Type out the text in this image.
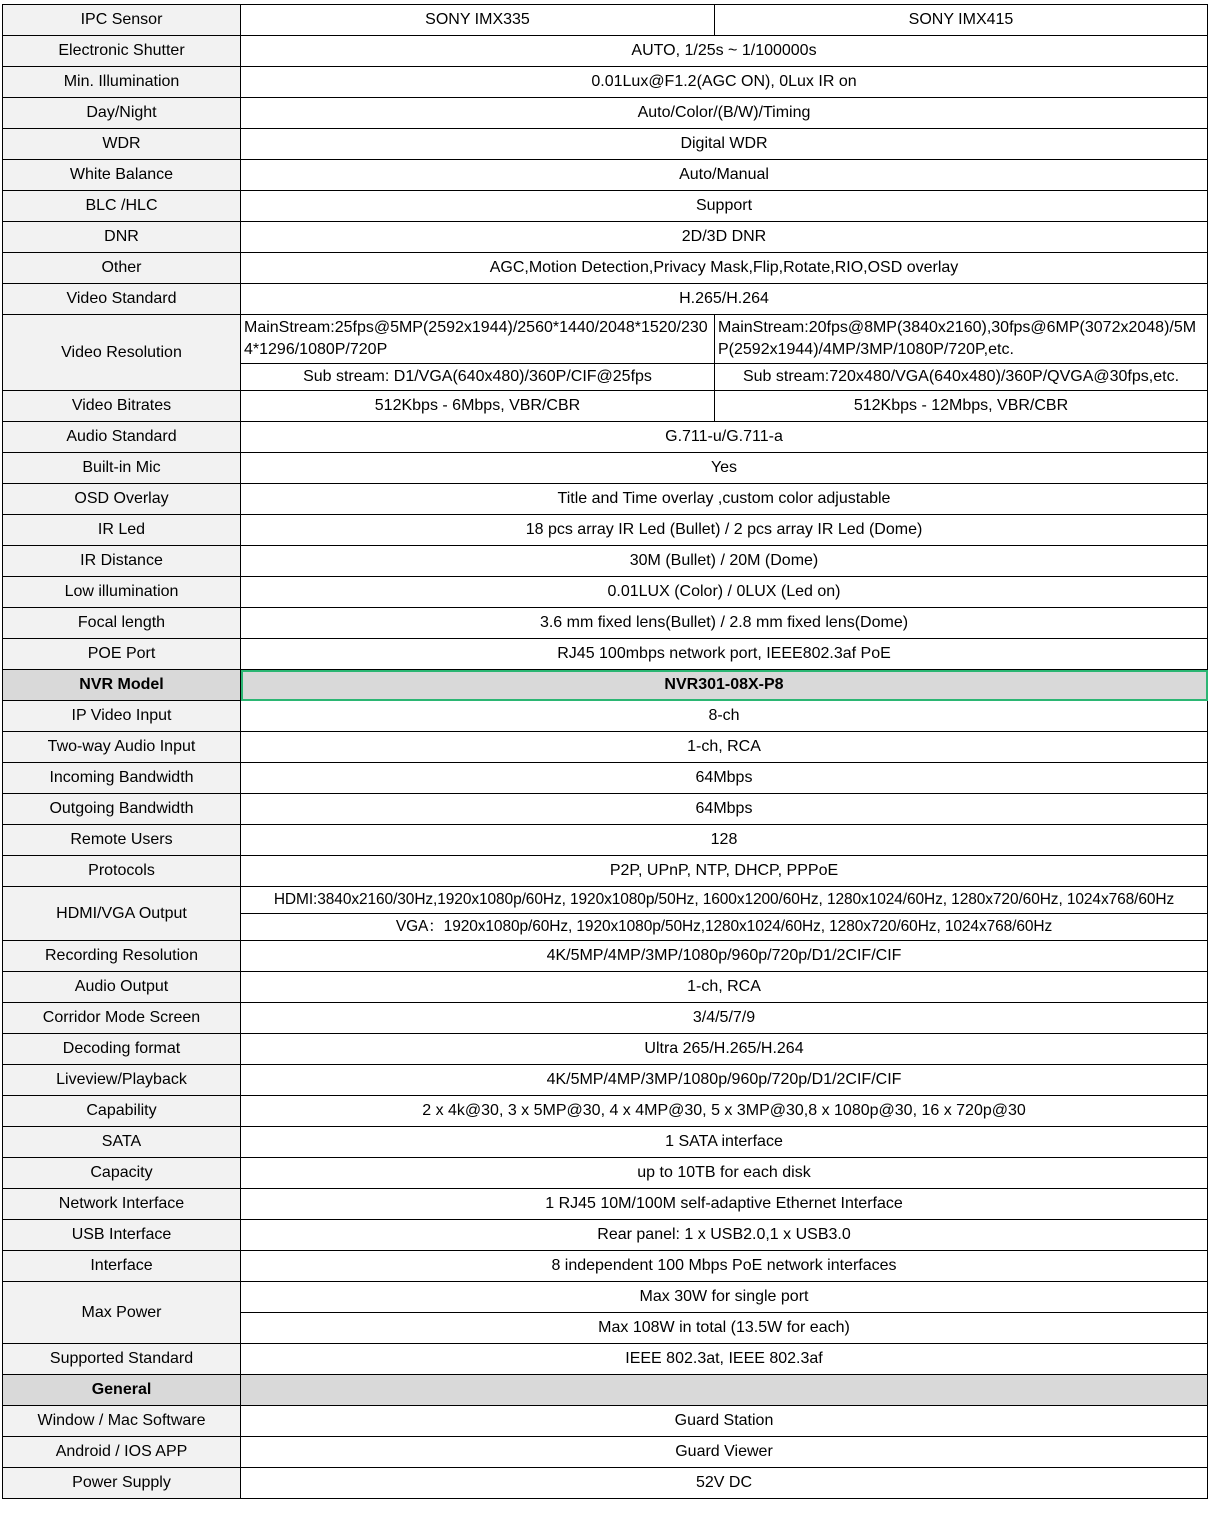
IPC Sensor	SONY IMX335	SONY IMX415
Electronic Shutter	AUTO, 1/25s ~ 1/100000s	
Min. Illumination	0.01Lux@F1.2(AGC ON), 0Lux IR on	
Day/Night	Auto/Color/(B/W)/Timing	
WDR	Digital WDR	
White Balance	Auto/Manual	
BLC /HLC	Support	
DNR	2D/3D DNR	
Other	AGC,Motion Detection,Privacy Mask,Flip,Rotate,RIO,OSD overlay	
Video Standard	H.265/H.264	
Video Resolution	MainStream:25fps@5MP(2592x1944)/2560*1440/2048*1520/2304*1296/1080P/720P	MainStream:20fps@8MP(3840x2160),30fps@6MP(3072x2048)/5MP(2592x1944)/4MP/3MP/1080P/720P,etc.
	Sub stream: D1/VGA(640x480)/360P/CIF@25fps	Sub stream:720x480/VGA(640x480)/360P/QVGA@30fps,etc.
Video Bitrates	512Kbps - 6Mbps, VBR/CBR	512Kbps - 12Mbps, VBR/CBR
Audio Standard	G.711-u/G.711-a	
Built-in Mic	Yes	
OSD Overlay	Title and Time overlay ,custom color adjustable	
IR Led	18 pcs array IR Led (Bullet) / 2 pcs array IR Led (Dome)	
IR Distance	30M (Bullet) / 20M (Dome)	
Low illumination	0.01LUX (Color) / 0LUX (Led on)	
Focal length	3.6 mm fixed lens(Bullet) / 2.8 mm fixed lens(Dome)	
POE Port	RJ45 100mbps network port, IEEE802.3af PoE	
NVR Model	NVR301-08X-P8	
IP Video Input	8-ch	
Two-way Audio Input	1-ch, RCA	
Incoming Bandwidth	64Mbps	
Outgoing Bandwidth	64Mbps	
Remote Users	128	
Protocols	P2P, UPnP, NTP, DHCP, PPPoE	
HDMI/VGA Output	HDMI:3840x2160/30Hz,1920x1080p/60Hz, 1920x1080p/50Hz, 1600x1200/60Hz, 1280x1024/60Hz, 1280x720/60Hz, 1024x768/60Hz	
	VGA：1920x1080p/60Hz, 1920x1080p/50Hz,1280x1024/60Hz, 1280x720/60Hz, 1024x768/60Hz	
Recording Resolution	4K/5MP/4MP/3MP/1080p/960p/720p/D1/2CIF/CIF	
Audio Output	1-ch, RCA	
Corridor Mode Screen	3/4/5/7/9	
Decoding format	Ultra 265/H.265/H.264	
Liveview/Playback	4K/5MP/4MP/3MP/1080p/960p/720p/D1/2CIF/CIF	
Capability	2 x 4k@30, 3 x 5MP@30, 4 x 4MP@30, 5 x 3MP@30,8 x 1080p@30, 16 x 720p@30	
SATA	1 SATA interface	
Capacity	up to 10TB for each disk	
Network Interface	1 RJ45 10M/100M self-adaptive Ethernet Interface	
USB Interface	Rear panel: 1 x USB2.0,1 x USB3.0	
Interface	8 independent 100 Mbps PoE network interfaces	
Max Power	Max 30W for single port	
	Max 108W in total (13.5W for each)	
Supported Standard	IEEE 802.3at, IEEE 802.3af	
General		
Window / Mac Software	Guard Station	
Android / IOS APP	Guard Viewer	
Power Supply	52V DC	
